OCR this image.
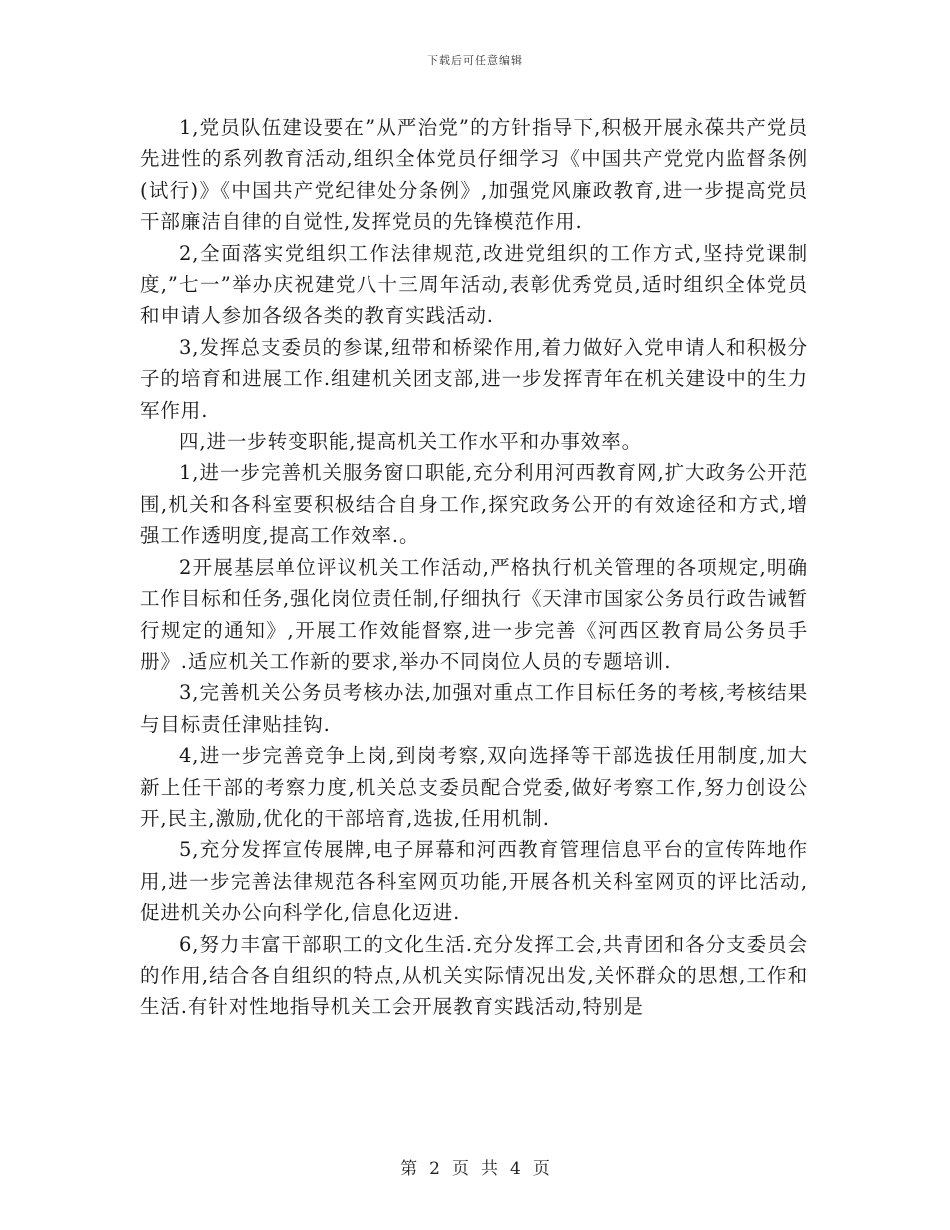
下载后可任意编辑

1,党员队伍建设要在”从严治党”的方针指导下,积极开展永葆共产党员先进性的系列教育活动,组织全体党员仔细学习《中国共产党党内监督条例(试行)》《中国共产党纪律处分条例》,加强党风廉政教育,进一步提高党员干部廉洁自律的自觉性,发挥党员的先锋模范作用.

2,全面落实党组织工作法律规范,改进党组织的工作方式,坚持党课制度,”七一”举办庆祝建党八十三周年活动,表彰优秀党员,适时组织全体党员和申请人参加各级各类的教育实践活动.

3,发挥总支委员的参谋,纽带和桥梁作用,着力做好入党申请人和积极分子的培育和进展工作.组建机关团支部,进一步发挥青年在机关建设中的生力军作用.

四,进一步转变职能,提高机关工作水平和办事效率。

1,进一步完善机关服务窗口职能,充分利用河西教育网,扩大政务公开范围,机关和各科室要积极结合自身工作,探究政务公开的有效途径和方式,增强工作透明度,提高工作效率.。

2开展基层单位评议机关工作活动,严格执行机关管理的各项规定,明确工作目标和任务,强化岗位责任制,仔细执行《天津市国家公务员行政告诫暂行规定的通知》,开展工作效能督察,进一步完善《河西区教育局公务员手册》.适应机关工作新的要求,举办不同岗位人员的专题培训.

3,完善机关公务员考核办法,加强对重点工作目标任务的考核,考核结果与目标责任津贴挂钩.

4,进一步完善竞争上岗,到岗考察,双向选择等干部选拔任用制度,加大新上任干部的考察力度,机关总支委员配合党委,做好考察工作,努力创设公开,民主,激励,优化的干部培育,选拔,任用机制.

5,充分发挥宣传展牌,电子屏幕和河西教育管理信息平台的宣传阵地作用,进一步完善法律规范各科室网页功能,开展各机关科室网页的评比活动,促进机关办公向科学化,信息化迈进.

6,努力丰富干部职工的文化生活.充分发挥工会,共青团和各分支委员会的作用,结合各自组织的特点,从机关实际情况出发,关怀群众的思想,工作和生活.有针对性地指导机关工会开展教育实践活动,特别是

第 2 页 共 4 页
